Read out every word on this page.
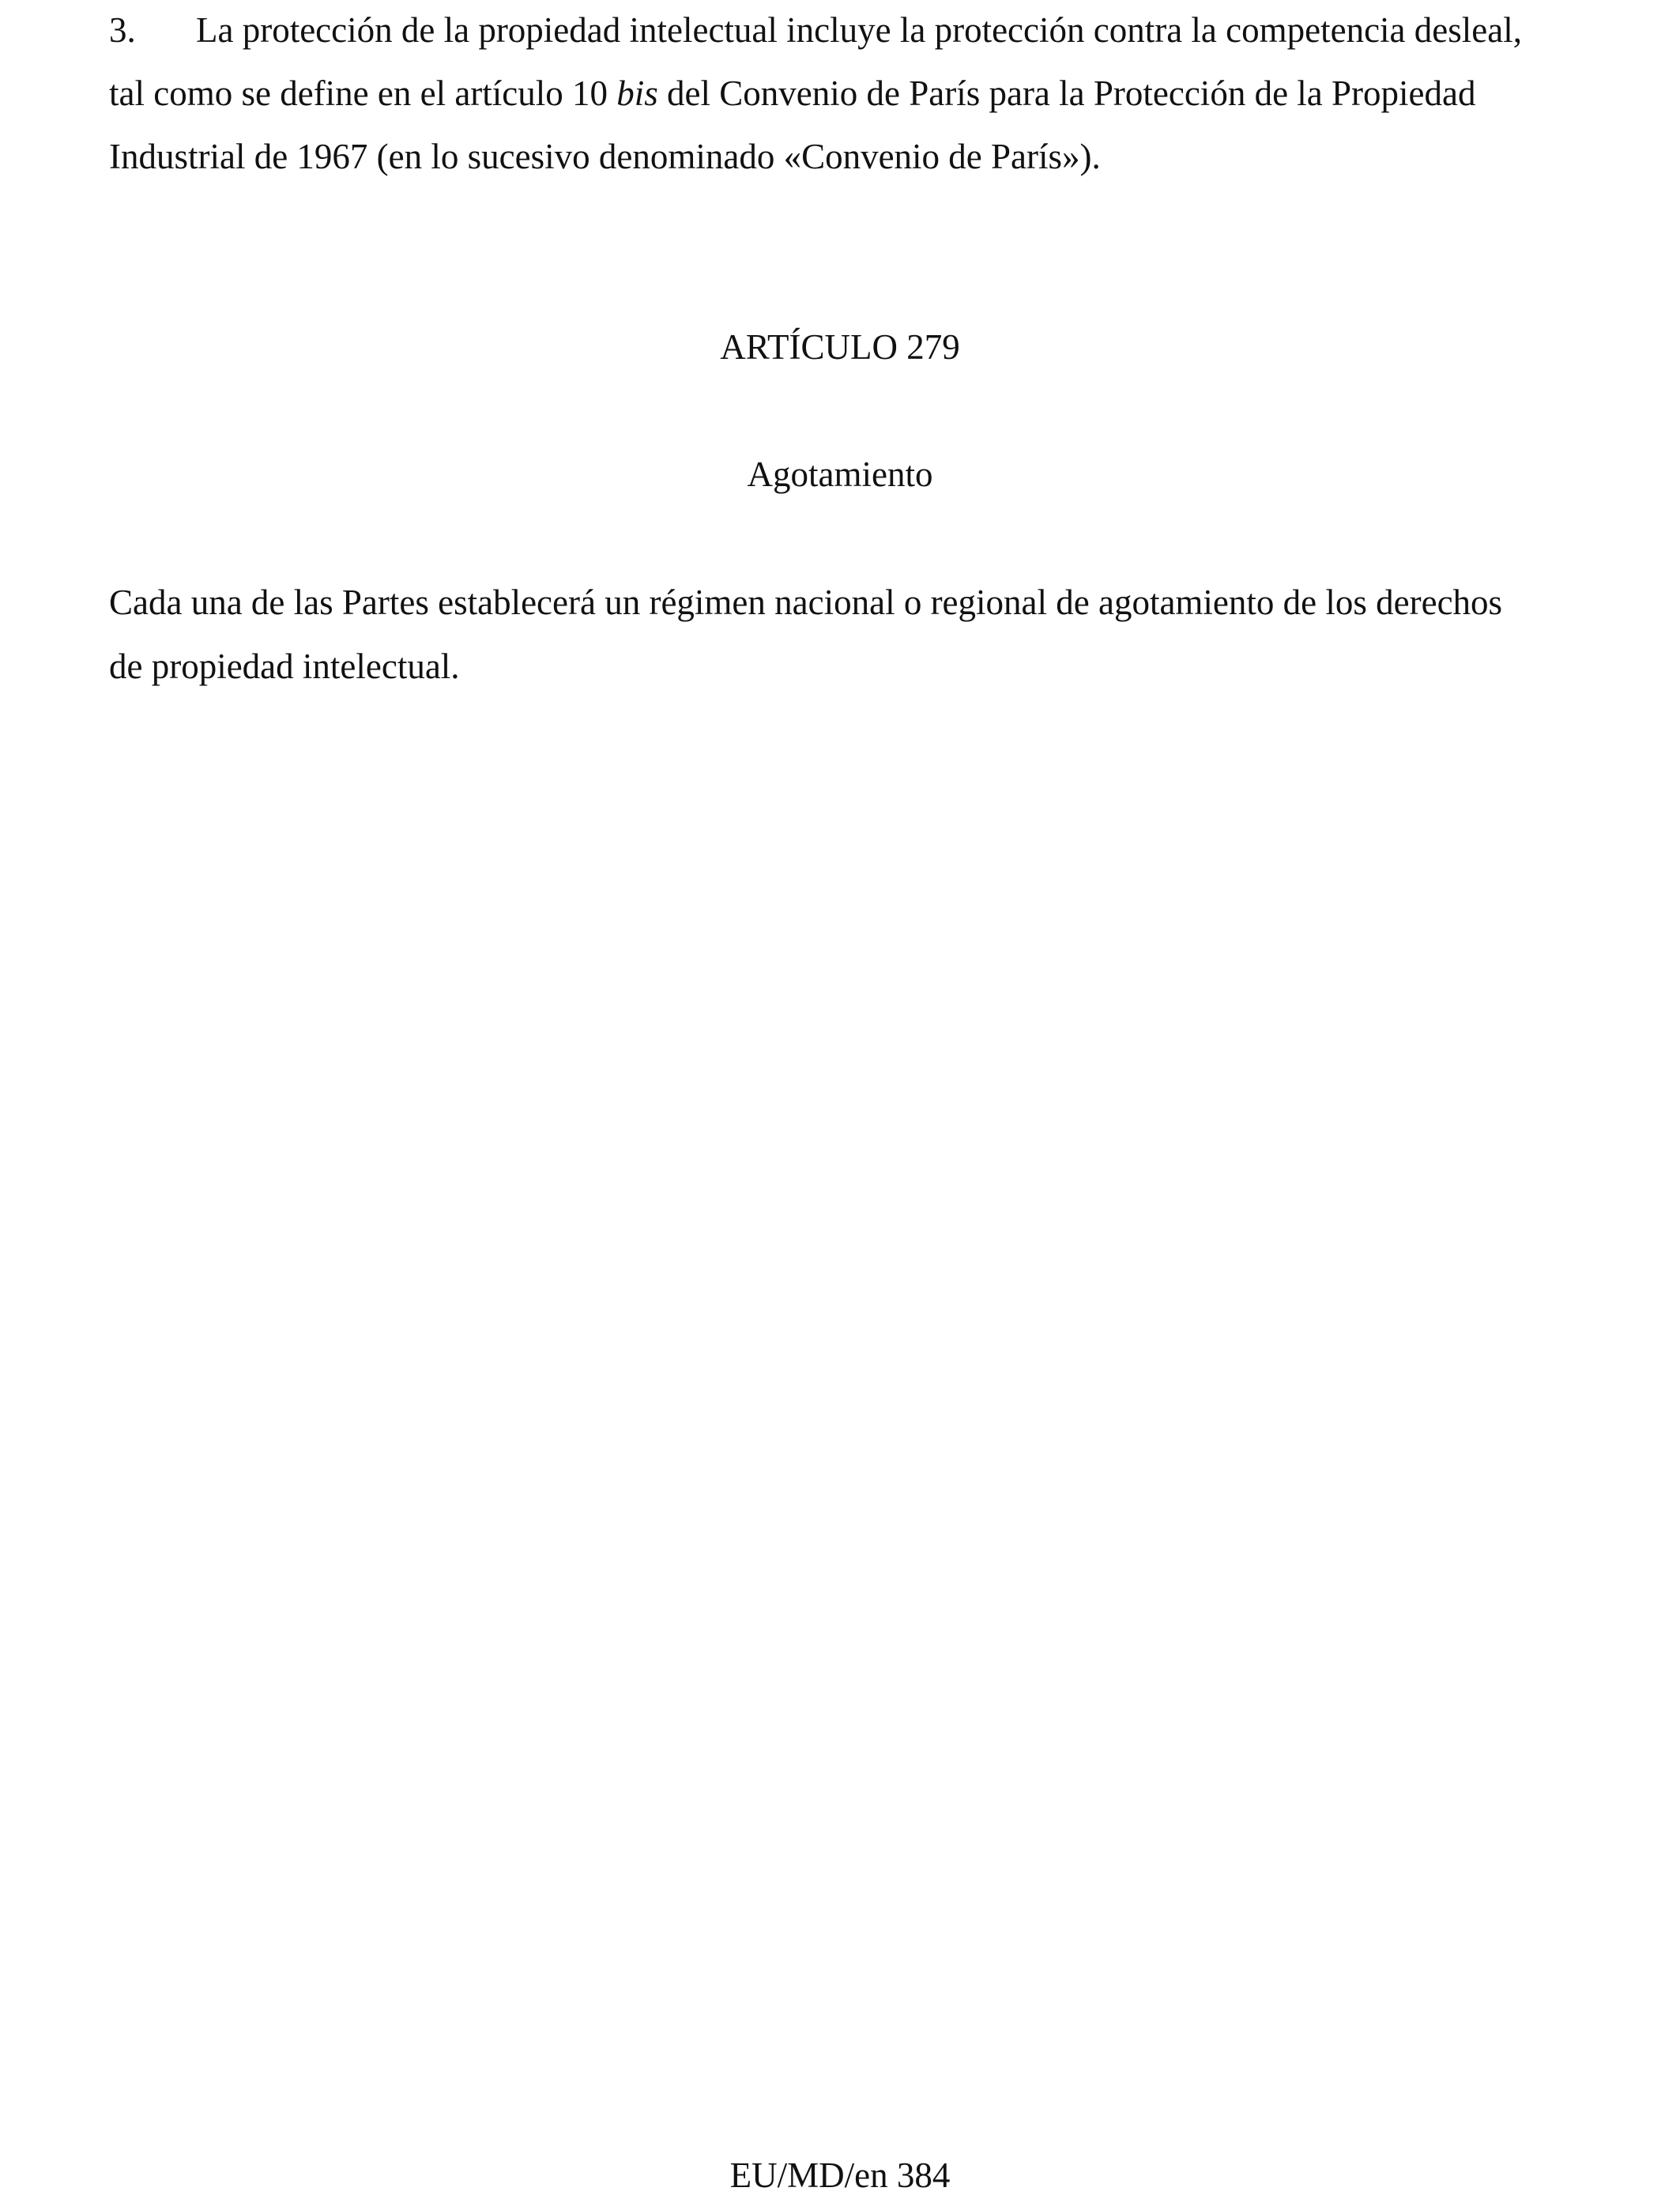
3. La protección de la propiedad intelectual incluye la protección contra la competencia desleal,

tal como se define en el artículo 10 bis del Convenio de París para la Protección de la Propiedad

Industrial de 1967 (en lo sucesivo denominado «Convenio de París»).

ARTÍCULO 279

Agotamiento

Cada una de las Partes establecerá un régimen nacional o regional de agotamiento de los derechos

de propiedad intelectual.

EU/MD/en 384
